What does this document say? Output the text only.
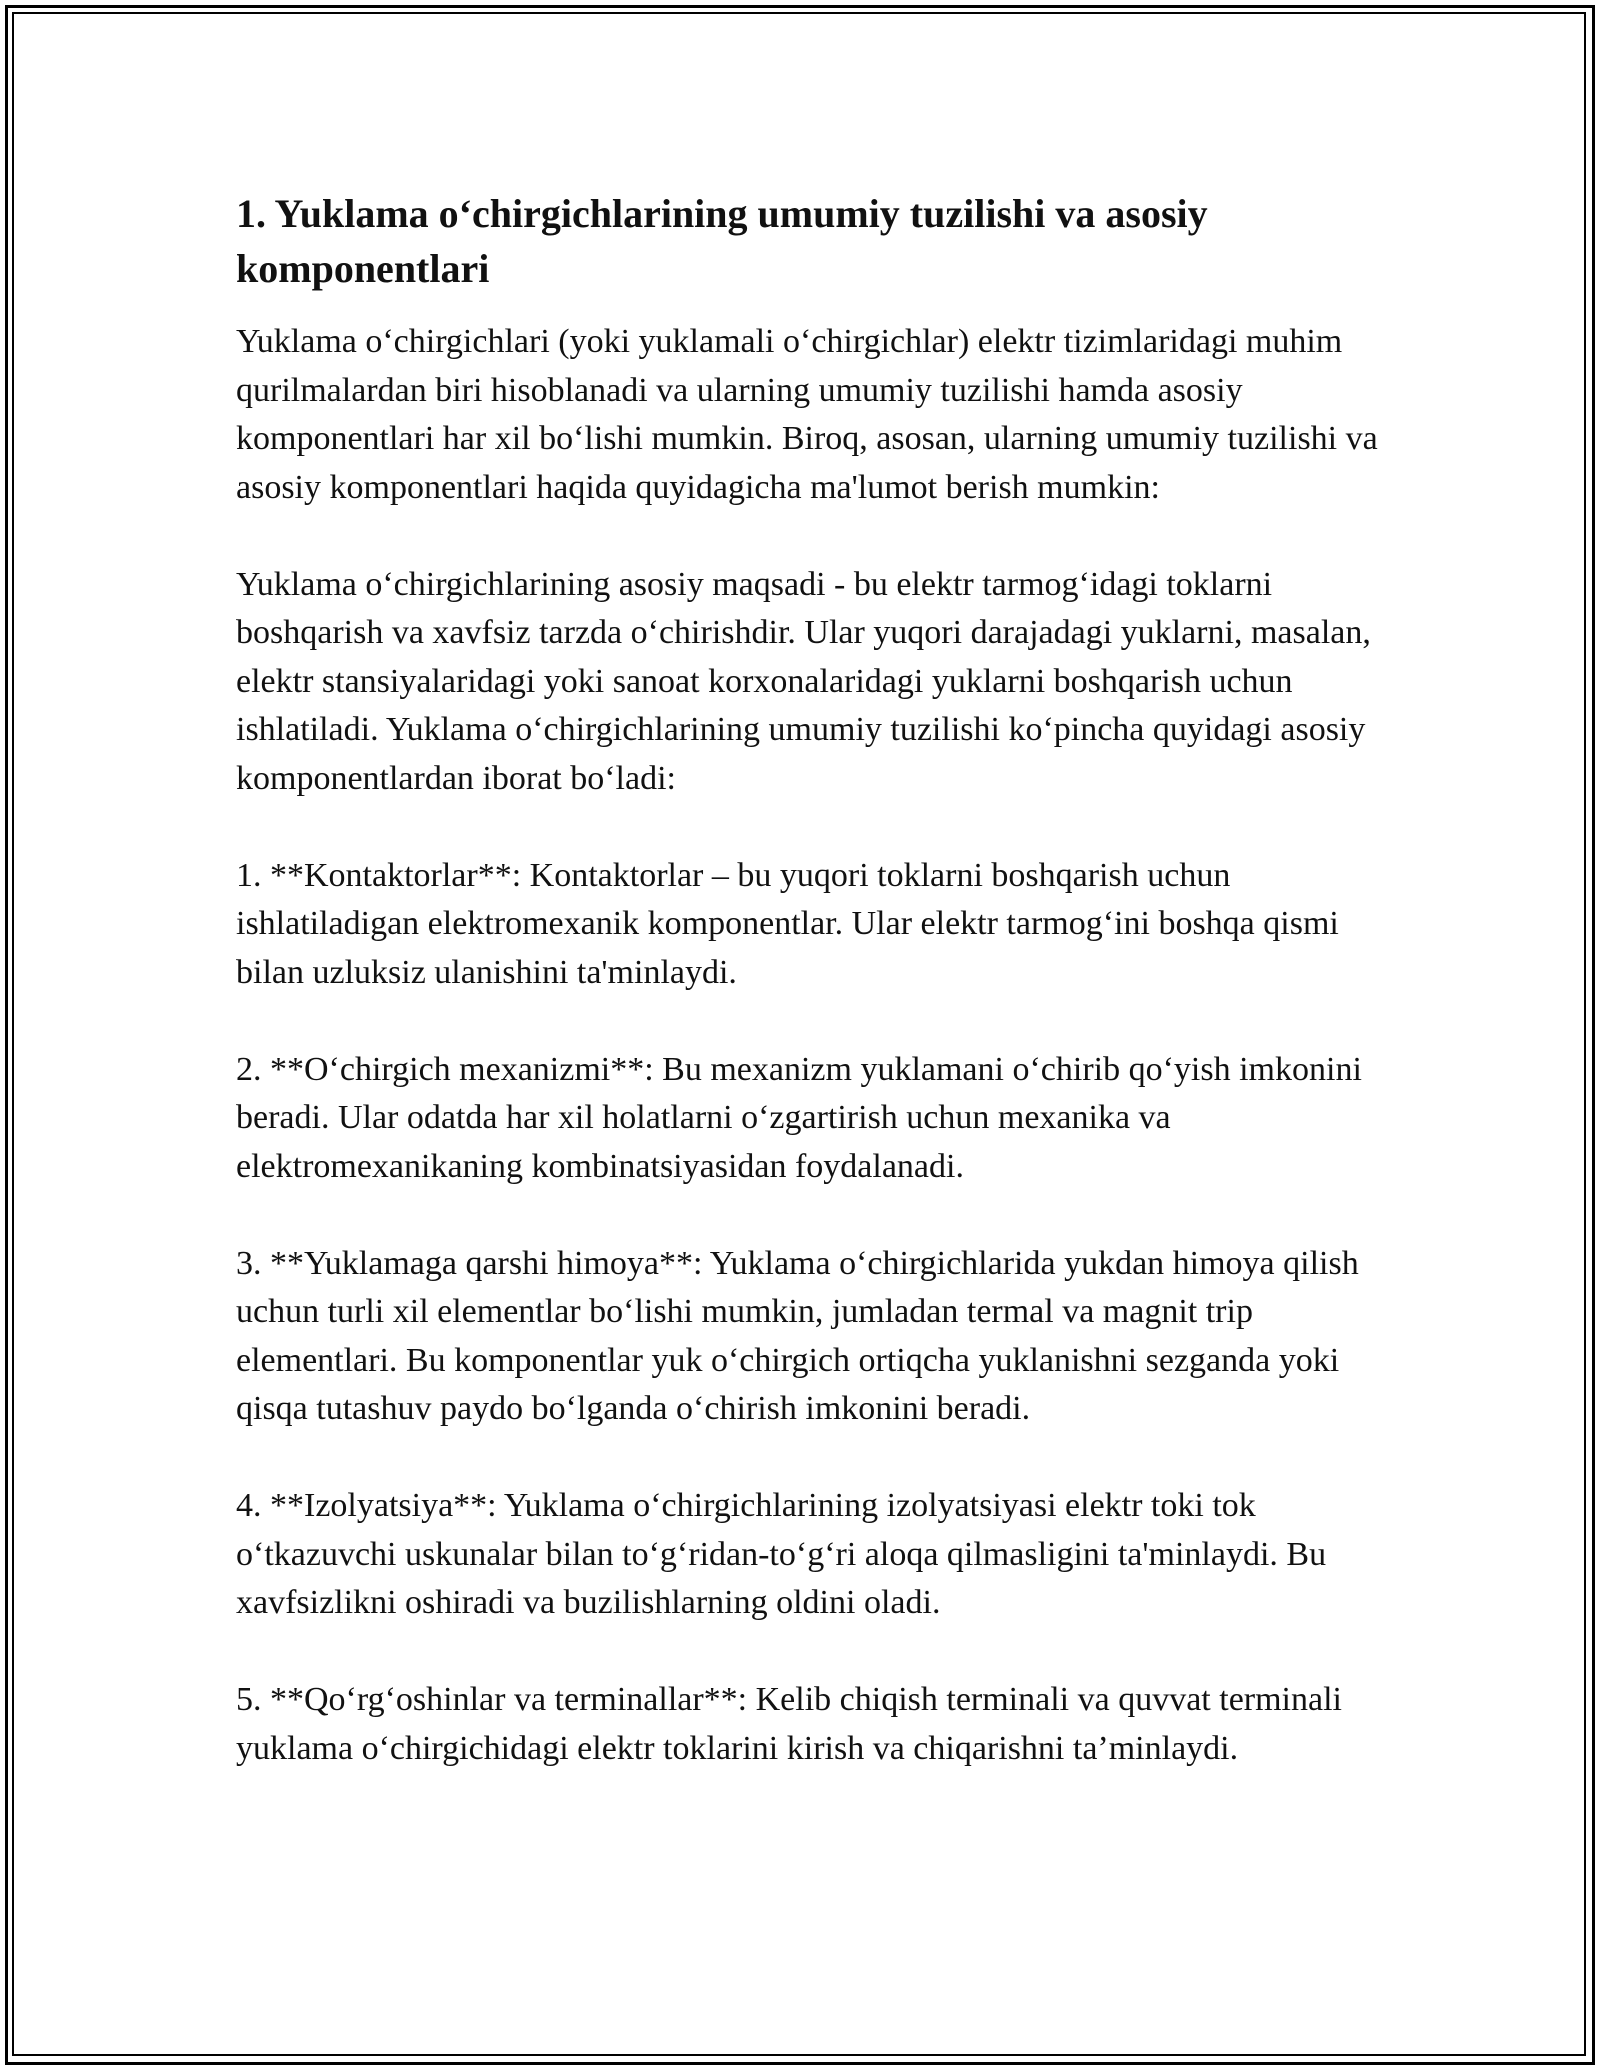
1. Yuklama o‘chirgichlarining umumiy tuzilishi va asosiy komponentlari

Yuklama o‘chirgichlari (yoki yuklamali o‘chirgichlar) elektr tizimlaridagi muhim qurilmalardan biri hisoblanadi va ularning umumiy tuzilishi hamda asosiy komponentlari har xil bo‘lishi mumkin. Biroq, asosan, ularning umumiy tuzilishi va asosiy komponentlari haqida quyidagicha ma'lumot berish mumkin:

Yuklama o‘chirgichlarining asosiy maqsadi - bu elektr tarmog‘idagi toklarni boshqarish va xavfsiz tarzda o‘chirishdir. Ular yuqori darajadagi yuklarni, masalan, elektr stansiyalaridagi yoki sanoat korxonalaridagi yuklarni boshqarish uchun ishlatiladi. Yuklama o‘chirgichlarining umumiy tuzilishi ko‘pincha quyidagi asosiy komponentlardan iborat bo‘ladi:

1. **Kontaktorlar**: Kontaktorlar – bu yuqori toklarni boshqarish uchun ishlatiladigan elektromexanik komponentlar. Ular elektr tarmog‘ini boshqa qismi bilan uzluksiz ulanishini ta'minlaydi.

2. **O‘chirgich mexanizmi**: Bu mexanizm yuklamani o‘chirib qo‘yish imkonini beradi. Ular odatda har xil holatlarni o‘zgartirish uchun mexanika va elektromexanikaning kombinatsiyasidan foydalanadi.

3. **Yuklamaga qarshi himoya**: Yuklama o‘chirgichlarida yukdan himoya qilish uchun turli xil elementlar bo‘lishi mumkin, jumladan termal va magnit trip elementlari. Bu komponentlar yuk o‘chirgich ortiqcha yuklanishni sezganda yoki qisqa tutashuv paydo bo‘lganda o‘chirish imkonini beradi.

4. **Izolyatsiya**: Yuklama o‘chirgichlarining izolyatsiyasi elektr toki tok o‘tkazuvchi uskunalar bilan to‘g‘ridan-to‘g‘ri aloqa qilmasligini ta'minlaydi. Bu xavfsizlikni oshiradi va buzilishlarning oldini oladi.

5. **Qo‘rg‘oshinlar va terminallar**: Kelib chiqish terminali va quvvat terminali yuklama o‘chirgichidagi elektr toklarini kirish va chiqarishni ta’minlaydi.
